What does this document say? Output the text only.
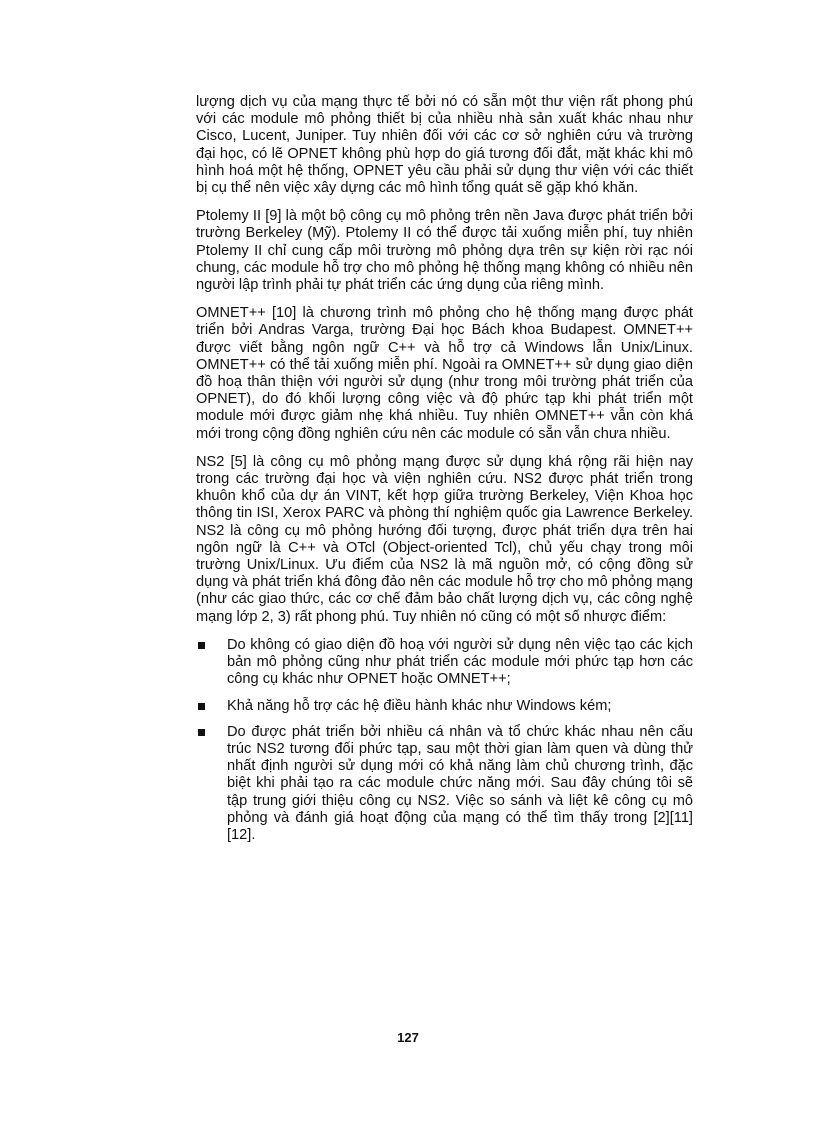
lượng dịch vụ của mạng thực tế bởi nó có sẵn một thư viện rất phong phú với các module mô phỏng thiết bị của nhiều nhà sản xuất khác nhau như Cisco, Lucent, Juniper. Tuy nhiên đối với các cơ sở nghiên cứu và trường đại học, có lẽ OPNET không phù hợp do giá tương đối đắt, mặt khác khi mô hình hoá một hệ thống, OPNET yêu cầu phải sử dụng thư viện với các thiết bị cụ thể nên việc xây dựng các mô hình tổng quát sẽ gặp khó khăn.

Ptolemy II [9] là một bộ công cụ mô phỏng trên nền Java được phát triển bởi trường Berkeley (Mỹ). Ptolemy II có thể được tải xuống miễn phí, tuy nhiên Ptolemy II chỉ cung cấp môi trường mô phỏng dựa trên sự kiện rời rạc nói chung, các module hỗ trợ cho mô phỏng hệ thống mạng không có nhiều nên người lập trình phải tự phát triển các ứng dụng của riêng mình.

OMNET++ [10] là chương trình mô phỏng cho hệ thống mạng được phát triển bởi Andras Varga, trường Đại học Bách khoa Budapest. OMNET++ được viết bằng ngôn ngữ C++ và hỗ trợ cả Windows lẫn Unix/Linux. OMNET++ có thể tải xuống miễn phí. Ngoài ra OMNET++ sử dụng giao diện đồ hoạ thân thiện với người sử dụng (như trong môi trường phát triển của OPNET), do đó khối lượng công việc và độ phức tạp khi phát triển một module mới được giảm nhẹ khá nhiều. Tuy nhiên OMNET++ vẫn còn khá mới trong cộng đồng nghiên cứu nên các module có sẵn vẫn chưa nhiều.

NS2 [5] là công cụ mô phỏng mạng được sử dụng khá rộng rãi hiện nay trong các trường đại học và viện nghiên cứu. NS2 được phát triển trong khuôn khổ của dự án VINT, kết hợp giữa trường Berkeley, Viện Khoa học thông tin ISI, Xerox PARC và phòng thí nghiệm quốc gia Lawrence Berkeley. NS2 là công cụ mô phỏng hướng đối tượng, được phát triển dựa trên hai ngôn ngữ là C++ và OTcl (Object-oriented Tcl), chủ yếu chạy trong môi trường Unix/Linux. Ưu điểm của NS2 là mã nguồn mở, có cộng đồng sử dụng và phát triển khá đông đảo nên các module hỗ trợ cho mô phỏng mạng (như các giao thức, các cơ chế đảm bảo chất lượng dịch vụ, các công nghệ mạng lớp 2, 3) rất phong phú. Tuy nhiên nó cũng có một số nhược điểm:

Do không có giao diện đồ hoạ với người sử dụng nên việc tạo các kịch bản mô phỏng cũng như phát triển các module mới phức tạp hơn các công cụ khác như OPNET hoặc OMNET++;
Khả năng hỗ trợ các hệ điều hành khác như Windows kém;
Do được phát triển bởi nhiều cá nhân và tổ chức khác nhau nên cấu trúc NS2 tương đối phức tạp, sau một thời gian làm quen và dùng thử nhất định người sử dụng mới có khả năng làm chủ chương trình, đặc biệt khi phải tạo ra các module chức năng mới. Sau đây chúng tôi sẽ tập trung giới thiệu công cụ NS2. Việc so sánh và liệt kê công cụ mô phỏng và đánh giá hoạt động của mạng có thể tìm thấy trong [2][11][12].
127
